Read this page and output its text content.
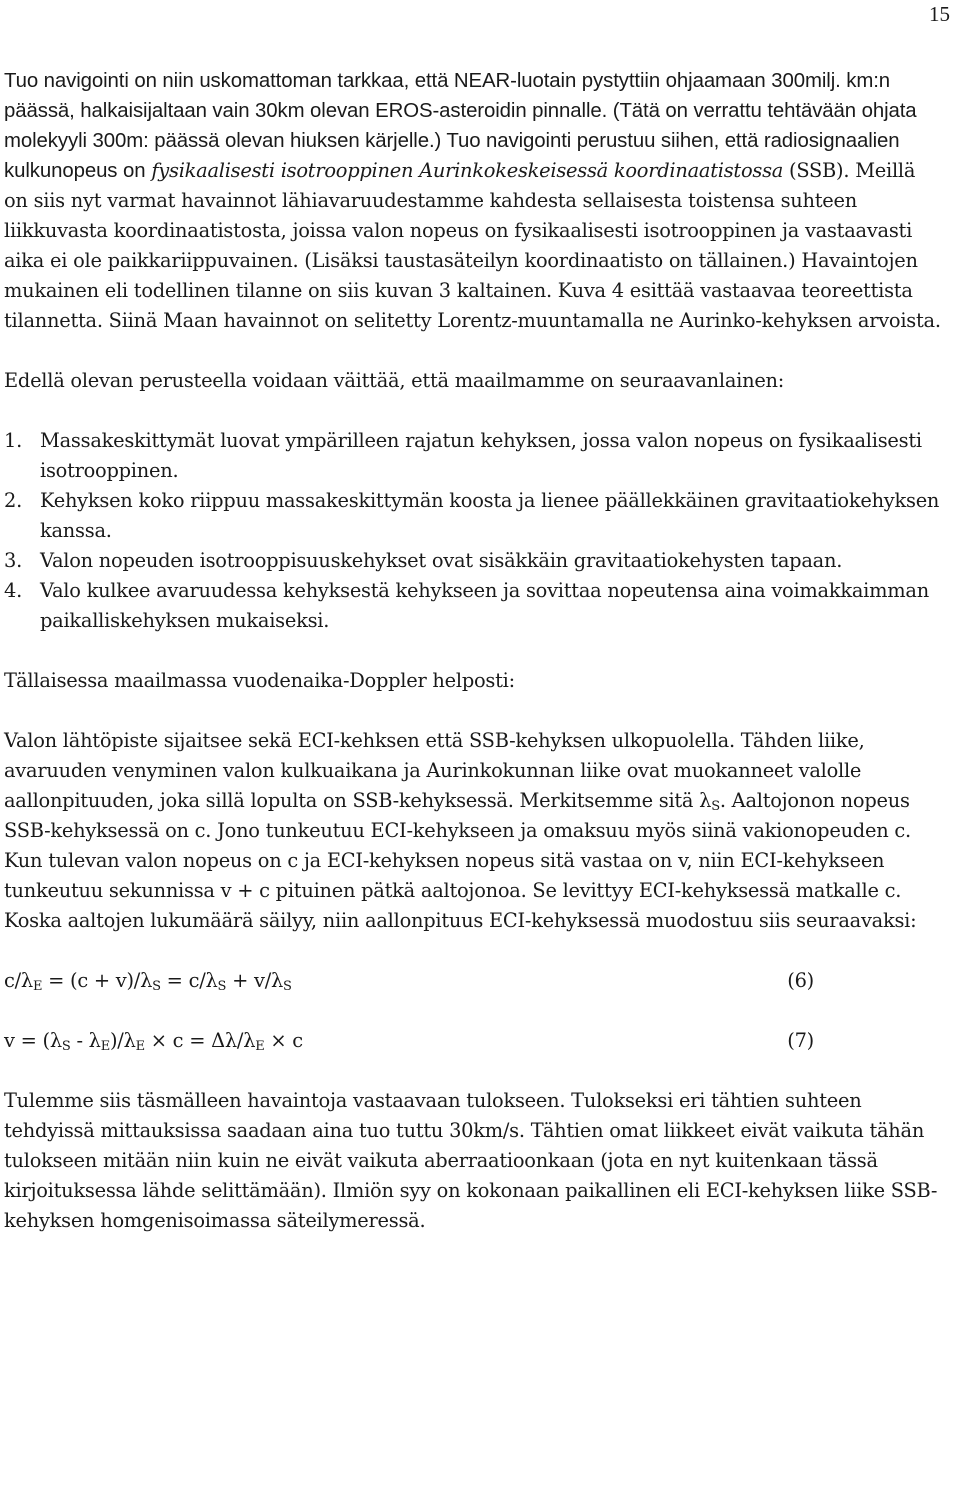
15

Tuo navigointi on niin uskomattoman tarkkaa, että NEAR-luotain pystyttiin ohjaamaan 300milj. km:n päässä, halkaisijaltaan vain 30km olevan EROS-asteroidin pinnalle. (Tätä on verrattu tehtävään ohjata molekyyli 300m: päässä olevan hiuksen kärjelle.) Tuo navigointi perustuu siihen, että radiosignaalien kulkunopeus on fysikaalisesti isotrooppinen Aurinkokeskeisessä koordinaatistossa (SSB). Meillä on siis nyt varmat havainnot lähiavaruudestamme kahdesta sellaisesta toistensa suhteen liikkuvasta koordinaatistosta, joissa valon nopeus on fysikaalisesti isotrooppinen ja vastaavasti aika ei ole paikkariippuvainen. (Lisäksi taustasäteilyn koordinaatisto on tällainen.) Havaintojen mukainen eli todellinen tilanne on siis kuvan 3 kaltainen. Kuva 4 esittää vastaavaa teoreettista tilannetta. Siinä Maan havainnot on selitetty Lorentz-muuntamalla ne Aurinko-kehyksen arvoista.

Edellä olevan perusteella voidaan väittää, että maailmamme on seuraavanlainen:

1. Massakeskittymät luovat ympärilleen rajatun kehyksen, jossa valon nopeus on fysikaalisesti isotrooppinen.
2. Kehyksen koko riippuu massakeskittymän koosta ja lienee päällekkäinen gravitaatiokehyksen kanssa.
3. Valon nopeuden isotrooppisuuskehykset ovat sisäkkäin gravitaatiokehysten tapaan.
4. Valo kulkee avaruudessa kehyksestä kehykseen ja sovittaa nopeutensa aina voimakkaimman paikalliskehyksen mukaiseksi.

Tällaisessa maailmassa vuodenaika-Doppler helposti:

Valon lähtöpiste sijaitsee sekä ECI-kehksen että SSB-kehyksen ulkopuolella. Tähden liike, avaruuden venyminen valon kulkuaikana ja Aurinkokunnan liike ovat muokanneet valolle aallonpituuden, joka sillä lopulta on SSB-kehyksessä. Merkitsemme sitä $\lambda_S$. Aaltojonon nopeus SSB-kehyksessä on c. Jono tunkeutuu ECI-kehykseen ja omaksuu myös siinä vakionopeuden c. Kun tulevan valon nopeus on c ja ECI-kehyksen nopeus sitä vastaa on v, niin ECI-kehykseen tunkeutuu sekunnissa v + c pituinen pätkä aaltojonoa. Se levittyy ECI-kehyksessä matkalle c. Koska aaltojen lukumäärä säilyy, niin aallonpituus ECI-kehyksessä muodostuu siis seuraavaksi:

$c/\lambda_E = (c + v)/\lambda_S = c/\lambda_S + v/\lambda_S$	(6)
$v = (\lambda_S - \lambda_E)/\lambda_E \times c = \Delta\lambda/\lambda_E \times c$	(7)

Tulemme siis täsmälleen havaintoja vastaavaan tulokseen. Tulokseksi eri tähtien suhteen tehdyissä mittauksissa saadaan aina tuo tuttu 30km/s. Tähtien omat liikkeet eivät vaikuta tähän tulokseen mitään niin kuin ne eivät vaikuta aberraatioonkaan (jota en nyt kuitenkaan tässä kirjoituksessa lähde selittämään). Ilmiön syy on kokonaan paikallinen eli ECI-kehyksen liike SSB-kehyksen homgenisoimassa säteilymeressä.
